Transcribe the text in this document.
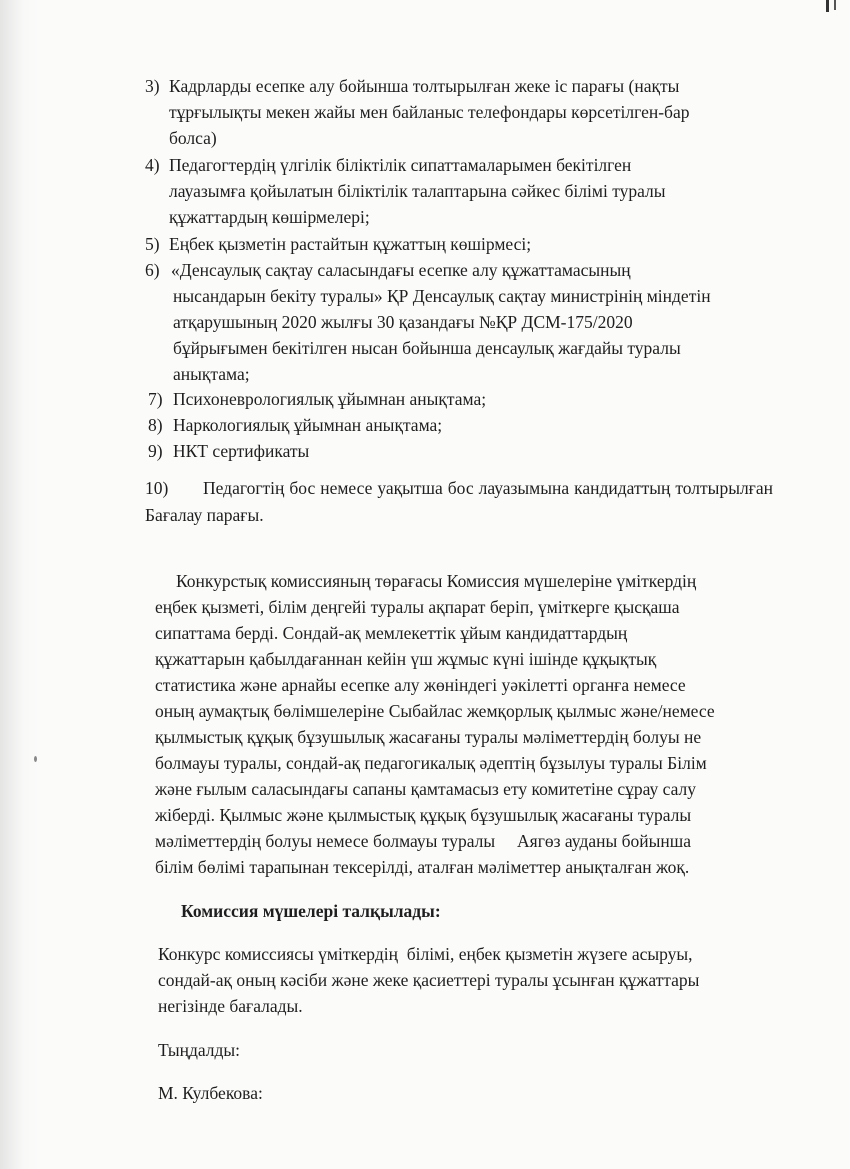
3) Кадрларды есепке алу бойынша толтырылған жеке іс парағы (нақты
тұрғылықты мекен жайы мен байланыс телефондары көрсетілген-бар
болса)
4) Педагогтердің үлгілік біліктілік сипаттамаларымен бекітілген
лауазымға қойылатын біліктілік талаптарына сәйкес білімі туралы
құжаттардың көшірмелері;
5) Еңбек қызметін растайтын құжаттың көшірмесі;
6) «Денсаулық сақтау саласындағы есепке алу құжаттамасының
нысандарын бекіту туралы» ҚР Денсаулық сақтау министрінің міндетін
атқарушының 2020 жылғы 30 қазандағы №ҚР ДСМ-175/2020
бұйрығымен бекітілген нысан бойынша денсаулық жағдайы туралы
анықтама;
7) Психоневрологиялық ұйымнан анықтама;
8) Наркологиялық ұйымнан анықтама;
9) НКТ сертификаты
10) Педагогтің бос немесе уақытша бос лауазымына кандидаттың толтырылған Бағалау парағы.
Конкурстық комиссияның төрағасы Комиссия мүшелеріне үміткердің
еңбек қызметі, білім деңгейі туралы ақпарат беріп, үміткерге қысқаша
сипаттама берді. Сондай-ақ мемлекеттік ұйым кандидаттардың
құжаттарын қабылдағаннан кейін үш жұмыс күні ішінде құқықтық
статистика және арнайы есепке алу жөніндегі уәкілетті органға немесе
оның аумақтық бөлімшелеріне Сыбайлас жемқорлық қылмыс және/немесе
қылмыстық құқық бұзушылық жасағаны туралы мәліметтердің болуы не
болмауы туралы, сондай-ақ педагогикалық әдептің бұзылуы туралы Білім
және ғылым саласындағы сапаны қамтамасыз ету комитетіне сұрау салу
жіберді. Қылмыс және қылмыстық құқық бұзушылық жасағаны туралы
мәліметтердің болуы немесе болмауы туралы     Аягөз ауданы бойынша
білім бөлімі тарапынан тексерілді, аталған мәліметтер анықталған жоқ.
Комиссия мүшелері талқылады:
Конкурс комиссиясы үміткердің  білімі, еңбек қызметін жүзеге асыруы,
сондай-ақ оның кәсіби және жеке қасиеттері туралы ұсынған құжаттары
негізінде бағалады.
Тыңдалды:
М. Кулбекова:
